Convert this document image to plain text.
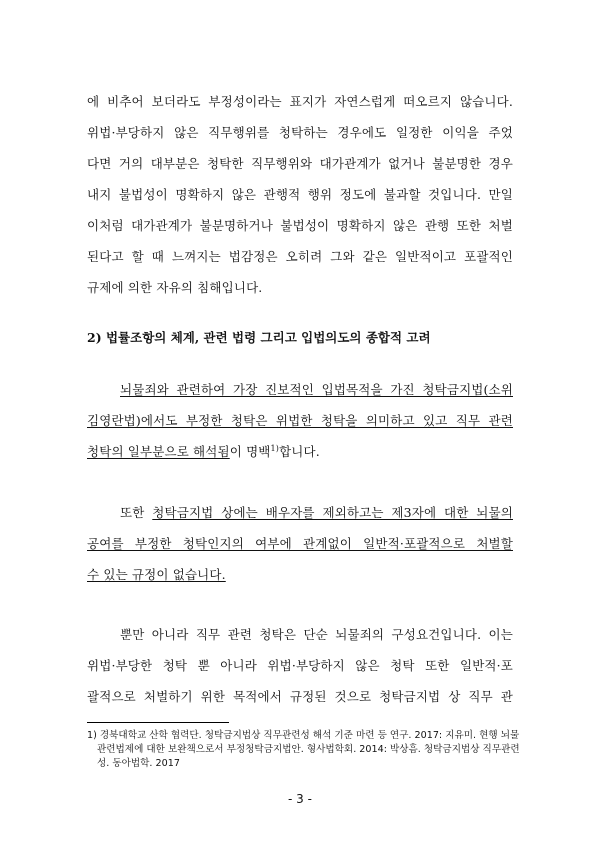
에 비추어 보더라도 부정성이라는 표지가 자연스럽게 떠오르지 않습니다.
위법·부당하지 않은 직무행위를 청탁하는 경우에도 일정한 이익을 주었
다면 거의 대부분은 청탁한 직무행위와 대가관계가 없거나 불분명한 경우
내지 불법성이 명확하지 않은 관행적 행위 정도에 불과할 것입니다. 만일
이처럼 대가관계가 불분명하거나 불법성이 명확하지 않은 관행 또한 처벌
된다고 할 때 느껴지는 법감정은 오히려 그와 같은 일반적이고 포괄적인
규제에 의한 자유의 침해입니다.
2) 법률조항의 체계, 관련 법령 그리고 입법의도의 종합적 고려
뇌물죄와 관련하여 가장 진보적인 입법목적을 가진 청탁금지법(소위
김영란법)에서도 부정한 청탁은 위법한 청탁을 의미하고 있고 직무 관련
청탁의 일부분으로 해석됨이 명백$^{1)}$합니다.
또한 청탁금지법 상에는 배우자를 제외하고는 제3자에 대한 뇌물의
공여를 부정한 청탁인지의 여부에 관계없이 일반적·포괄적으로 처벌할
수 있는 규정이 없습니다.
뿐만 아니라 직무 관련 청탁은 단순 뇌물죄의 구성요건입니다. 이는
위법·부당한 청탁 뿐 아니라 위법·부당하지 않은 청탁 또한 일반적·포
괄적으로 처벌하기 위한 목적에서 규정된 것으로 청탁금지법 상 직무 관
1) 경북대학교 산학 협력단. 청탁금지법상 직무관련성 해석 기준 마련 등 연구. 2017: 지유미. 현행 뇌물
관련법제에 대한 보완책으로서 부정청탁금지법안. 형사법학회. 2014: 박상흠. 청탁금지법상 직무관련
성. 동아법학. 2017
- 3 -
